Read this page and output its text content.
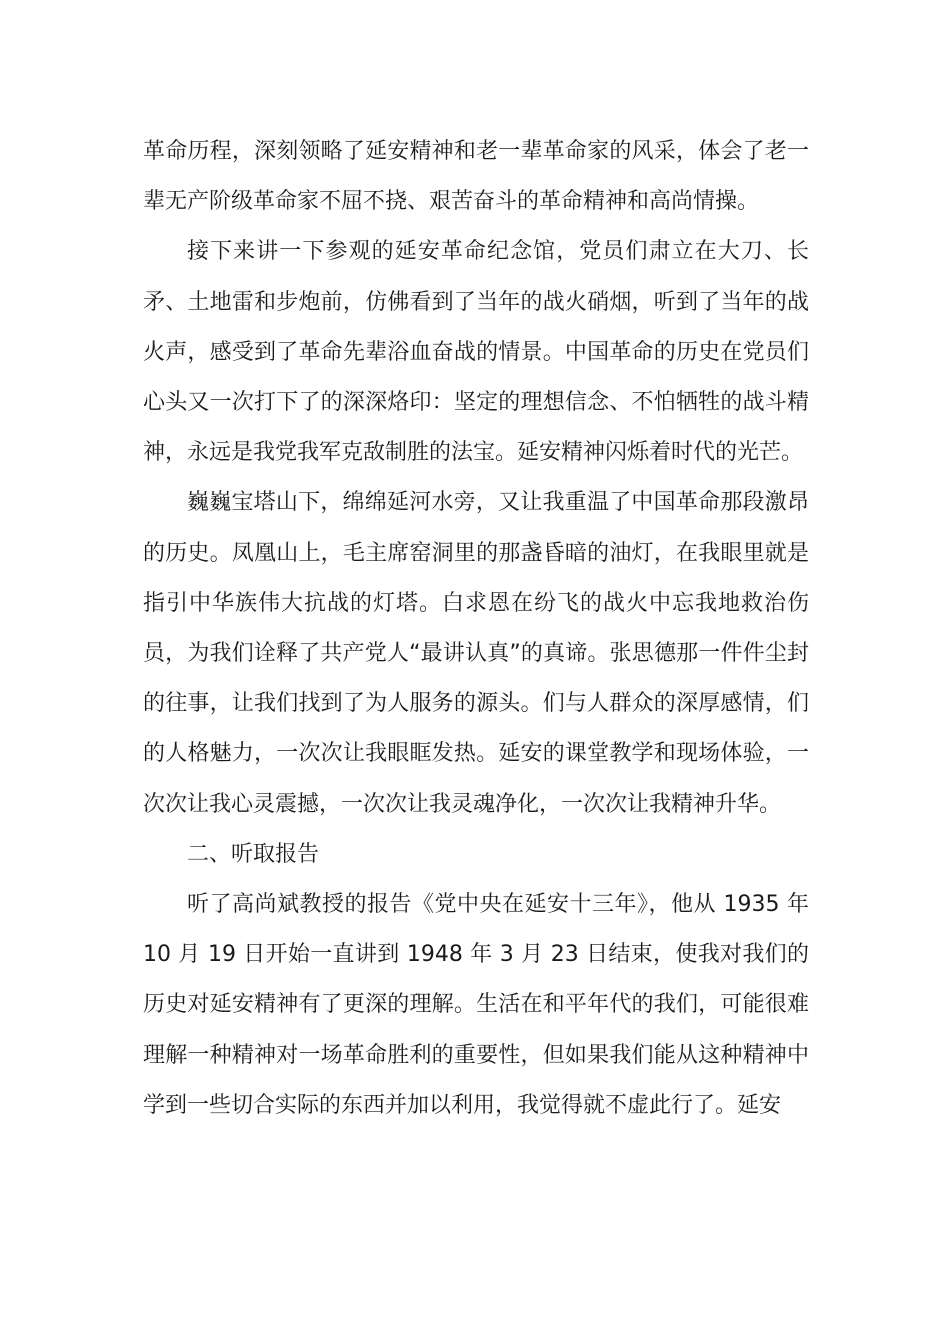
革命历程，深刻领略了延安精神和老一辈革命家的风采，体会了老一辈无产阶级革命家不屈不挠、艰苦奋斗的革命精神和高尚情操。

接下来讲一下参观的延安革命纪念馆，党员们肃立在大刀、长矛、土地雷和步炮前，仿佛看到了当年的战火硝烟，听到了当年的战火声，感受到了革命先辈浴血奋战的情景。中国革命的历史在党员们心头又一次打下了的深深烙印：坚定的理想信念、不怕牺牲的战斗精神，永远是我党我军克敌制胜的法宝。延安精神闪烁着时代的光芒。

巍巍宝塔山下，绵绵延河水旁，又让我重温了中国革命那段激昂的历史。凤凰山上，毛主席窑洞里的那盏昏暗的油灯，在我眼里就是指引中华族伟大抗战的灯塔。白求恩在纷飞的战火中忘我地救治伤员，为我们诠释了共产党人“最讲认真”的真谛。张思德那一件件尘封的往事，让我们找到了为人服务的源头。们与人群众的深厚感情，们的人格魅力，一次次让我眼眶发热。延安的课堂教学和现场体验，一次次让我心灵震撼，一次次让我灵魂净化，一次次让我精神升华。

二、听取报告

听了高尚斌教授的报告《党中央在延安十三年》，他从 1935 年 10 月 19 日开始一直讲到 1948 年 3 月 23 日结束，使我对我们的历史对延安精神有了更深的理解。生活在和平年代的我们，可能很难理解一种精神对一场革命胜利的重要性，但如果我们能从这种精神中学到一些切合实际的东西并加以利用，我觉得就不虚此行了。延安
